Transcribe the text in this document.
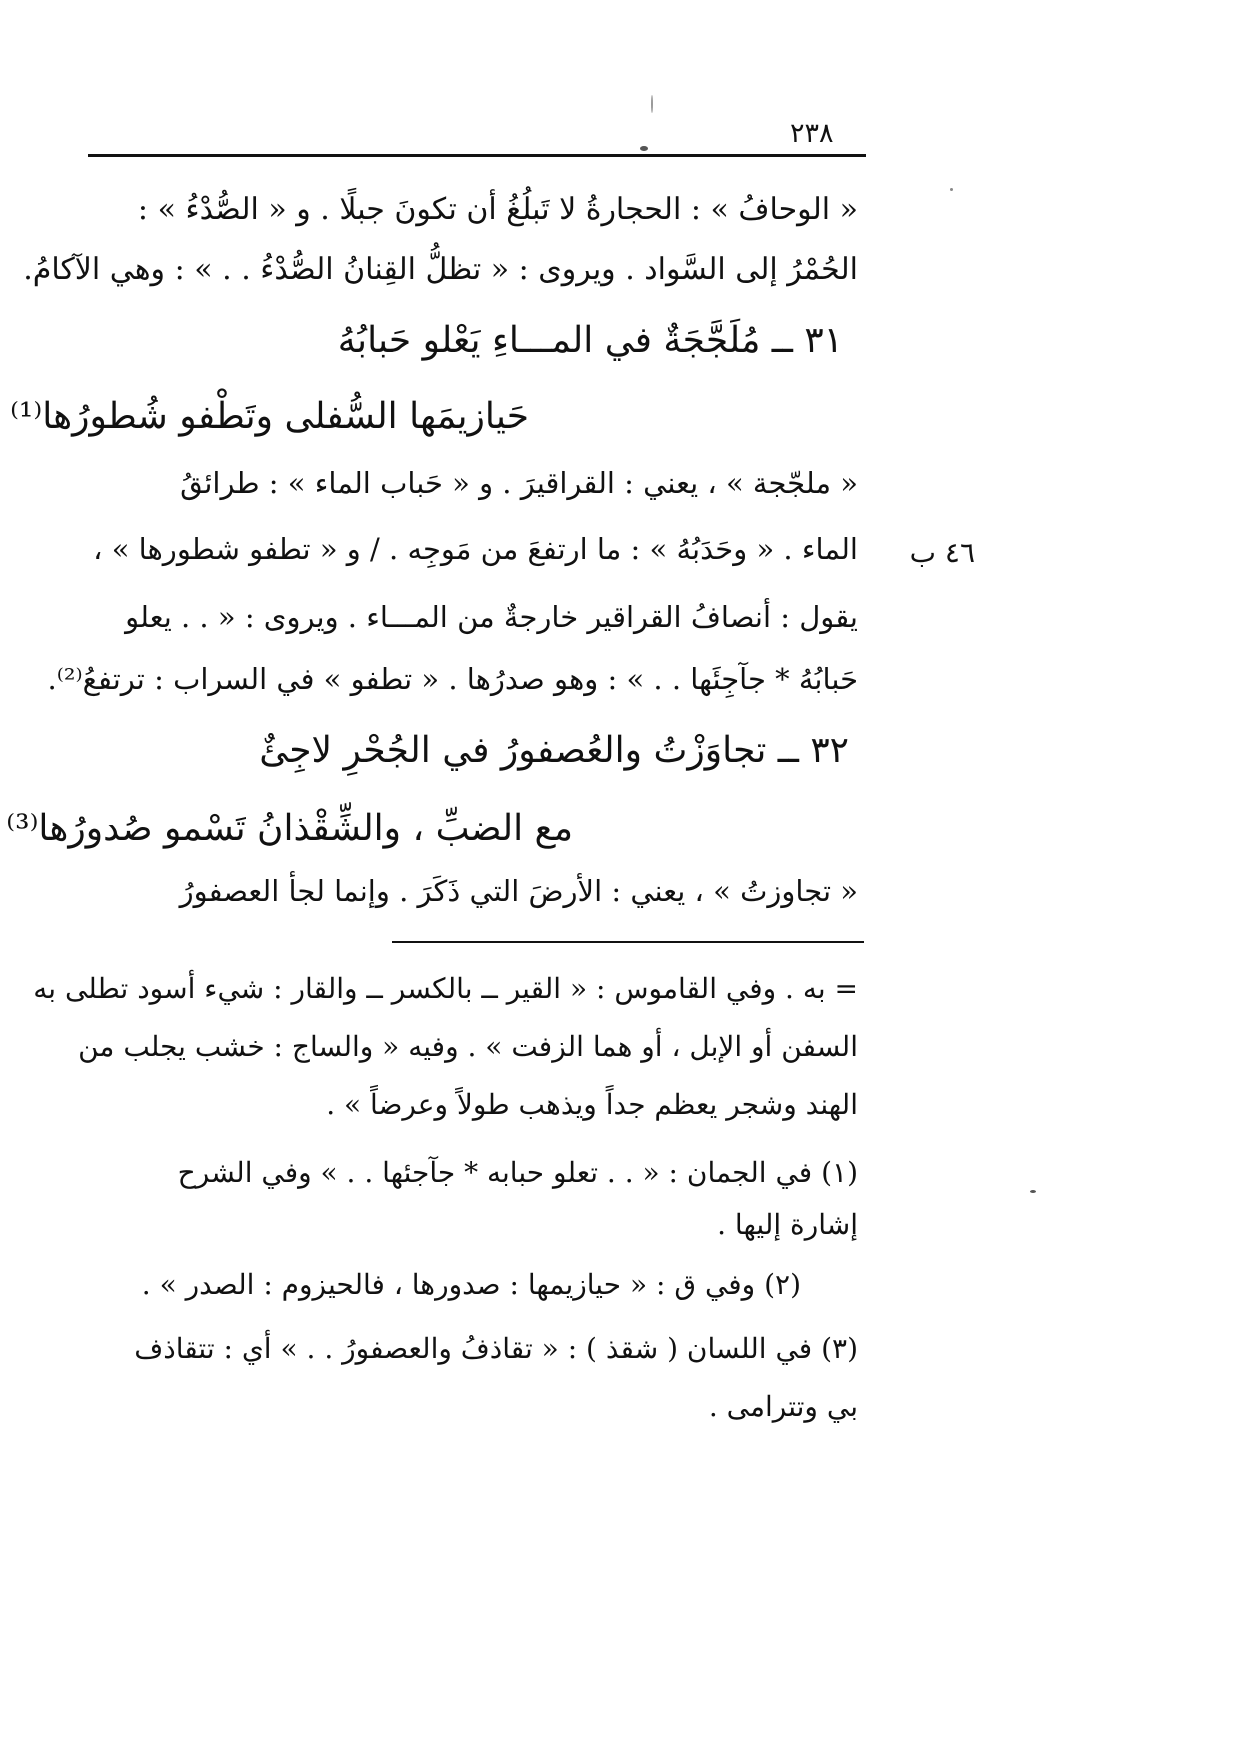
٢٣٨
٤٦ ب
« الوحافُ » : الحجارةُ لا تَبلُغُ أن تكونَ جبلًا . و « الصُّدْءُ » :
الحُمْرُ إلى السَّواد . ويروى : « تظلُّ القِنانُ الصُّدْءُ . . » : وهي الآكامُ.
٣١ ــ مُلَجَّجَةٌ في المـــاءِ يَعْلو حَبابُهُ
حَيازيمَها السُّفلى وتَطْفو شُطورُها⁽¹⁾
« ملجّجة » ، يعني : القراقيرَ . و « حَباب الماء » : طرائقُ
الماء . « وحَدَبُهُ » : ما ارتفعَ من مَوجِه . / و « تطفو شطورها » ،
يقول : أنصافُ القراقير خارجةٌ من المـــاء . ويروى : « . . يعلو
حَبابُهُ * جآجِئَها . . » : وهو صدرُها . « تطفو » في السراب : ترتفعُ⁽²⁾.
٣٢ ــ تجاوَزْتُ والعُصفورُ في الجُحْرِ لاجِئٌ
مع الضبِّ ، والشِّقْذانُ تَسْمو صُدورُها⁽³⁾
« تجاوزتُ » ، يعني : الأرضَ التي ذَكَرَ . وإنما لجأ العصفورُ
= به . وفي القاموس : « القير ــ بالكسر ــ والقار : شيء أسود تطلى به
السفن أو الإبل ، أو هما الزفت » . وفيه « والساج : خشب يجلب من
الهند وشجر يعظم جداً ويذهب طولاً وعرضاً » .
(١) في الجمان : « . . تعلو حبابه * جآجئها . . » وفي الشرح
إشارة إليها .
(٢) وفي ق : « حيازيمها : صدورها ، فالحيزوم : الصدر » .
(٣) في اللسان ( شقذ ) : « تقاذفُ والعصفورُ . . » أي : تتقاذف
بي وتترامى .
